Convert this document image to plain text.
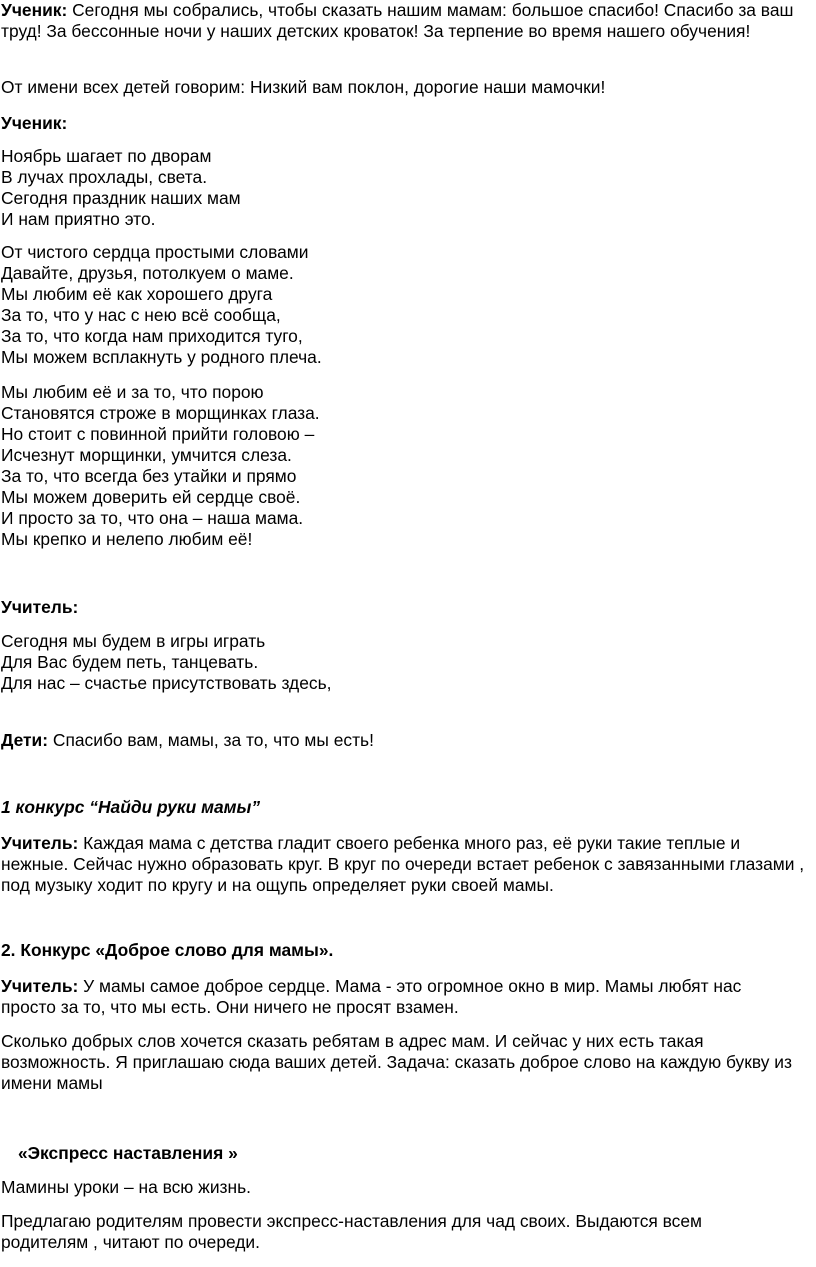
Ученик: Сегодня мы собрались, чтобы сказать нашим мамам: большое спасибо! Спасибо за ваш труд! За бессонные ночи у наших детских кроваток! За терпение во время нашего обучения!

От имени всех детей говорим: Низкий вам поклон, дорогие наши мамочки!

Ученик:

Ноябрь шагает по дворам
В лучах прохлады, света.
Сегодня праздник наших мам
И нам приятно это.
От чистого сердца простыми словами
Давайте, друзья, потолкуем о маме.
Мы любим её как хорошего друга
За то, что у нас с нею всё сообща,
За то, что когда нам приходится туго,
Мы можем всплакнуть у родного плеча.
Мы любим её и за то, что порою
Становятся строже в морщинках глаза.
Но стоит с повинной прийти головою –
Исчезнут морщинки, умчится слеза.
За то, что всегда без утайки и прямо
Мы можем доверить ей сердце своё.
И просто за то, что она – наша мама.
Мы крепко и нелепо любим её!

Учитель:

Сегодня мы будем в игры играть
Для Вас будем петь, танцевать.
Для нас – счастье присутствовать здесь,

Дети: Спасибо вам, мамы, за то, что мы есть!

1 конкурс “Найди руки мамы”

Учитель: Каждая мама с детства гладит своего ребенка много раз, её руки такие теплые и нежные. Сейчас нужно образовать круг. В круг по очереди встает ребенок с завязанными глазами , под музыку ходит по кругу и на ощупь определяет руки своей мамы.

2. Конкурс «Доброе слово для мамы».

Учитель: У мамы самое доброе сердце. Мама - это огромное окно в мир. Мамы любят нас просто за то, что мы есть. Они ничего не просят взамен.

Сколько добрых слов хочется сказать ребятам в адрес мам. И сейчас у них есть такая возможность. Я приглашаю сюда ваших детей. Задача: сказать доброе слово на каждую букву из имени мамы

«Экспресс наставления »

Мамины уроки – на всю жизнь.

Предлагаю родителям провести экспресс-наставления для чад своих. Выдаются всем родителям , читают по очереди.
